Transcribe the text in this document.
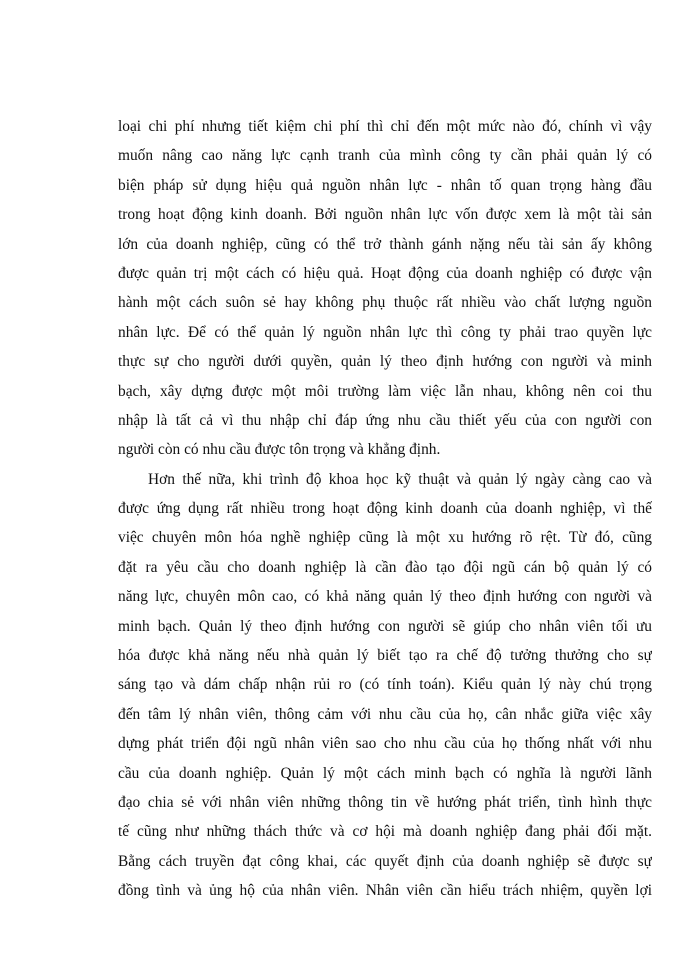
loại chi phí nhưng tiết kiệm chi phí thì chỉ đến một mức nào đó, chính vì vậy
muốn nâng cao năng lực cạnh tranh của mình công ty cần phải quản lý có
biện pháp sử dụng hiệu quả nguồn nhân lực - nhân tố quan trọng hàng đầu
trong hoạt động kinh doanh. Bởi nguồn nhân lực vốn được xem là một tài sản
lớn của doanh nghiệp, cũng có thể trở thành gánh nặng nếu tài sản ấy không
được quản trị một cách có hiệu quả. Hoạt động của doanh nghiệp có được vận
hành một cách suôn sẻ hay không phụ thuộc rất nhiều vào chất lượng nguồn
nhân lực. Để có thể quản lý nguồn nhân lực thì công ty phải trao quyền lực
thực sự cho người dưới quyền, quản lý theo định hướng con người và minh
bạch, xây dựng được một môi trường làm việc lẫn nhau, không nên coi thu
nhập là tất cả vì thu nhập chỉ đáp ứng nhu cầu thiết yếu của con người con
người còn có nhu cầu được tôn trọng và khẳng định.
Hơn thế nữa, khi trình độ khoa học kỹ thuật và quản lý ngày càng cao và
được ứng dụng rất nhiều trong hoạt động kinh doanh của doanh nghiệp, vì thế
việc chuyên môn hóa nghề nghiệp cũng là một xu hướng rõ rệt. Từ đó, cũng
đặt ra yêu cầu cho doanh nghiệp là cần đào tạo đội ngũ cán bộ quản lý có
năng lực, chuyên môn cao, có khả năng quản lý theo định hướng con người và
minh bạch. Quản lý theo định hướng con người sẽ giúp cho nhân viên tối ưu
hóa được khả năng nếu nhà quản lý biết tạo ra chế độ tưởng thưởng cho sự
sáng tạo và dám chấp nhận rủi ro (có tính toán). Kiểu quản lý này chú trọng
đến tâm lý nhân viên, thông cảm với nhu cầu của họ, cân nhắc giữa việc xây
dựng phát triển đội ngũ nhân viên sao cho nhu cầu của họ thống nhất với nhu
cầu của doanh nghiệp. Quản lý một cách minh bạch có nghĩa là người lãnh
đạo chia sẻ với nhân viên những thông tin về hướng phát triển, tình hình thực
tế cũng như những thách thức và cơ hội mà doanh nghiệp đang phải đối mặt.
Bằng cách truyền đạt công khai, các quyết định của doanh nghiệp sẽ được sự
đồng tình và ủng hộ của nhân viên. Nhân viên cần hiểu trách nhiệm, quyền lợi
